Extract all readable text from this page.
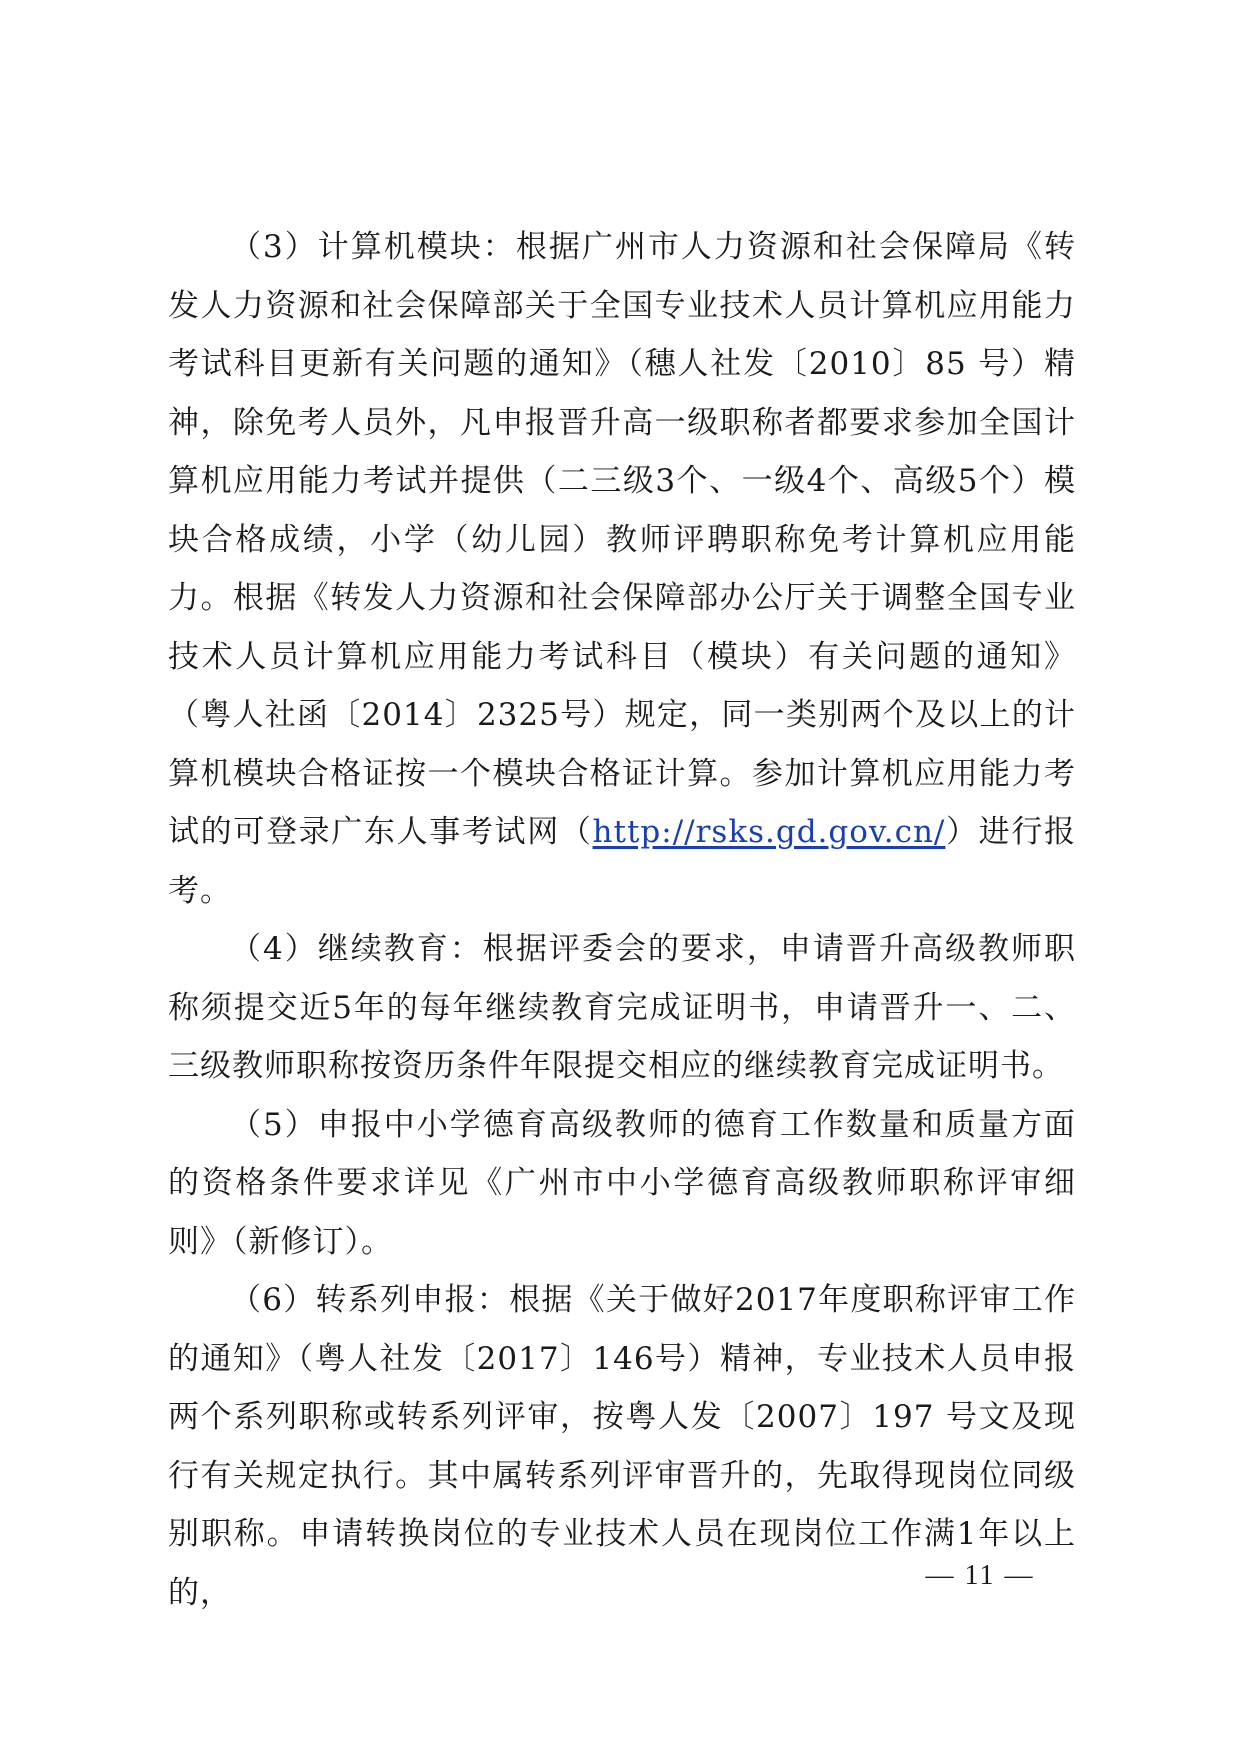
（3）计算机模块：根据广州市人力资源和社会保障局《转发人力资源和社会保障部关于全国专业技术人员计算机应用能力考试科目更新有关问题的通知》（穗人社发〔2010〕85 号）精神，除免考人员外，凡申报晋升高一级职称者都要求参加全国计算机应用能力考试并提供（二三级3个、一级4个、高级5个）模块合格成绩，小学（幼儿园）教师评聘职称免考计算机应用能力。根据《转发人力资源和社会保障部办公厅关于调整全国专业技术人员计算机应用能力考试科目（模块）有关问题的通知》（粤人社函〔2014〕2325号）规定，同一类别两个及以上的计算机模块合格证按一个模块合格证计算。参加计算机应用能力考试的可登录广东人事考试网（http://rsks.gd.gov.cn/）进行报考。

（4）继续教育：根据评委会的要求，申请晋升高级教师职称须提交近5年的每年继续教育完成证明书，申请晋升一、二、三级教师职称按资历条件年限提交相应的继续教育完成证明书。

（5）申报中小学德育高级教师的德育工作数量和质量方面的资格条件要求详见《广州市中小学德育高级教师职称评审细则》（新修订）。

（6）转系列申报：根据《关于做好2017年度职称评审工作的通知》（粤人社发〔2017〕146号）精神，专业技术人员申报两个系列职称或转系列评审，按粤人发〔2007〕197 号文及现行有关规定执行。其中属转系列评审晋升的，先取得现岗位同级别职称。申请转换岗位的专业技术人员在现岗位工作满1年以上的，	— 11 —
